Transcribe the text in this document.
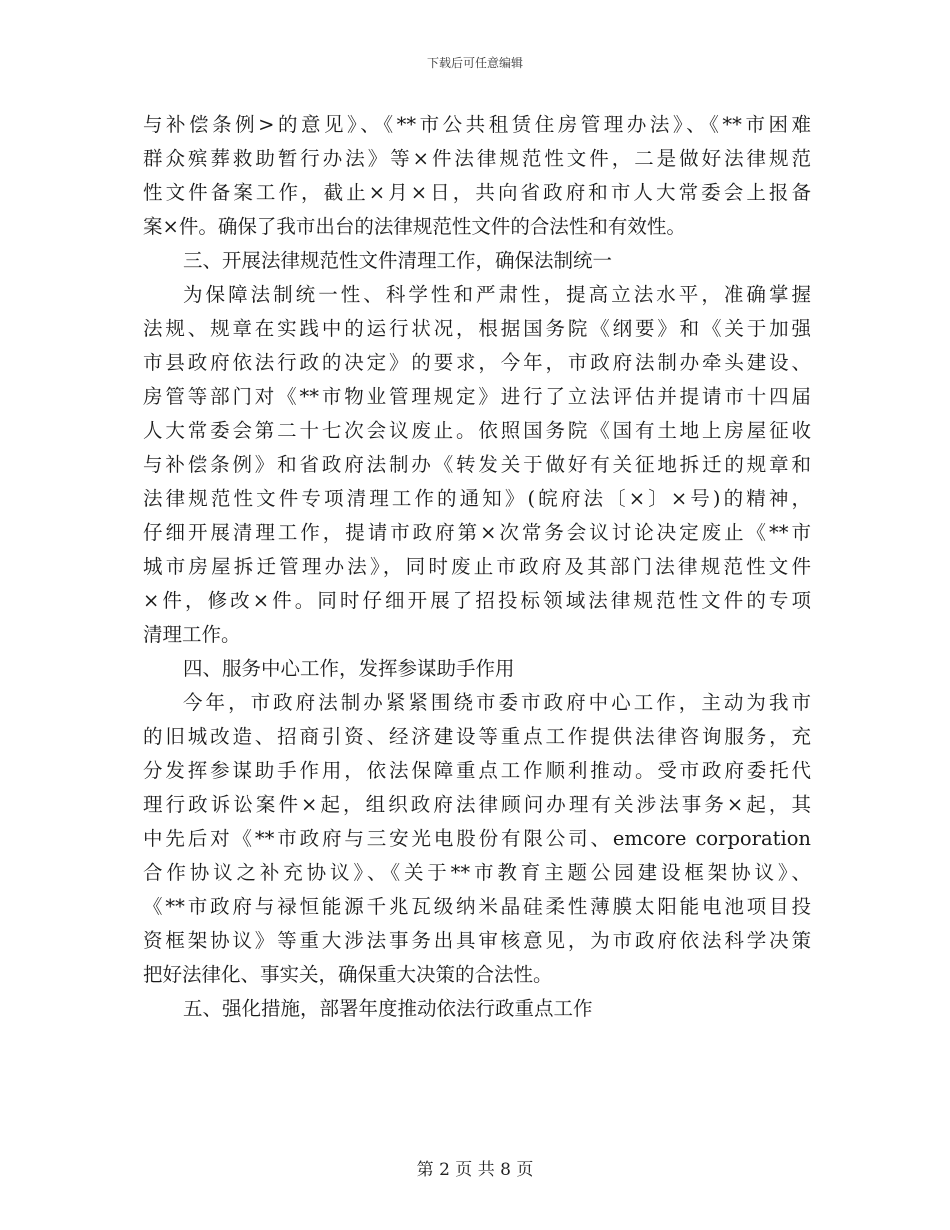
下载后可任意编辑
与补偿条例>的意见》、《**市公共租赁住房管理办法》、《**市困难
群众殡葬救助暂行办法》等×件法律规范性文件，二是做好法律规范
性文件备案工作，截止×月×日，共向省政府和市人大常委会上报备
案×件。确保了我市出台的法律规范性文件的合法性和有效性。
三、开展法律规范性文件清理工作，确保法制统一
为保障法制统一性、科学性和严肃性，提高立法水平，准确掌握
法规、规章在实践中的运行状况，根据国务院《纲要》和《关于加强
市县政府依法行政的决定》的要求，今年，市政府法制办牵头建设、
房管等部门对《**市物业管理规定》进行了立法评估并提请市十四届
人大常委会第二十七次会议废止。依照国务院《国有土地上房屋征收
与补偿条例》和省政府法制办《转发关于做好有关征地拆迁的规章和
法律规范性文件专项清理工作的通知》(皖府法〔×〕×号)的精神，
仔细开展清理工作，提请市政府第×次常务会议讨论决定废止《**市
城市房屋拆迁管理办法》，同时废止市政府及其部门法律规范性文件
×件，修改×件。同时仔细开展了招投标领域法律规范性文件的专项
清理工作。
四、服务中心工作，发挥参谋助手作用
今年，市政府法制办紧紧围绕市委市政府中心工作，主动为我市
的旧城改造、招商引资、经济建设等重点工作提供法律咨询服务，充
分发挥参谋助手作用，依法保障重点工作顺利推动。受市政府委托代
理行政诉讼案件×起，组织政府法律顾问办理有关涉法事务×起，其
中先后对《**市政府与三安光电股份有限公司、emcore corporation
合作协议之补充协议》、《关于**市教育主题公园建设框架协议》、
《**市政府与禄恒能源千兆瓦级纳米晶硅柔性薄膜太阳能电池项目投
资框架协议》等重大涉法事务出具审核意见，为市政府依法科学决策
把好法律化、事实关，确保重大决策的合法性。
五、强化措施，部署年度推动依法行政重点工作
第 2 页 共 8 页
